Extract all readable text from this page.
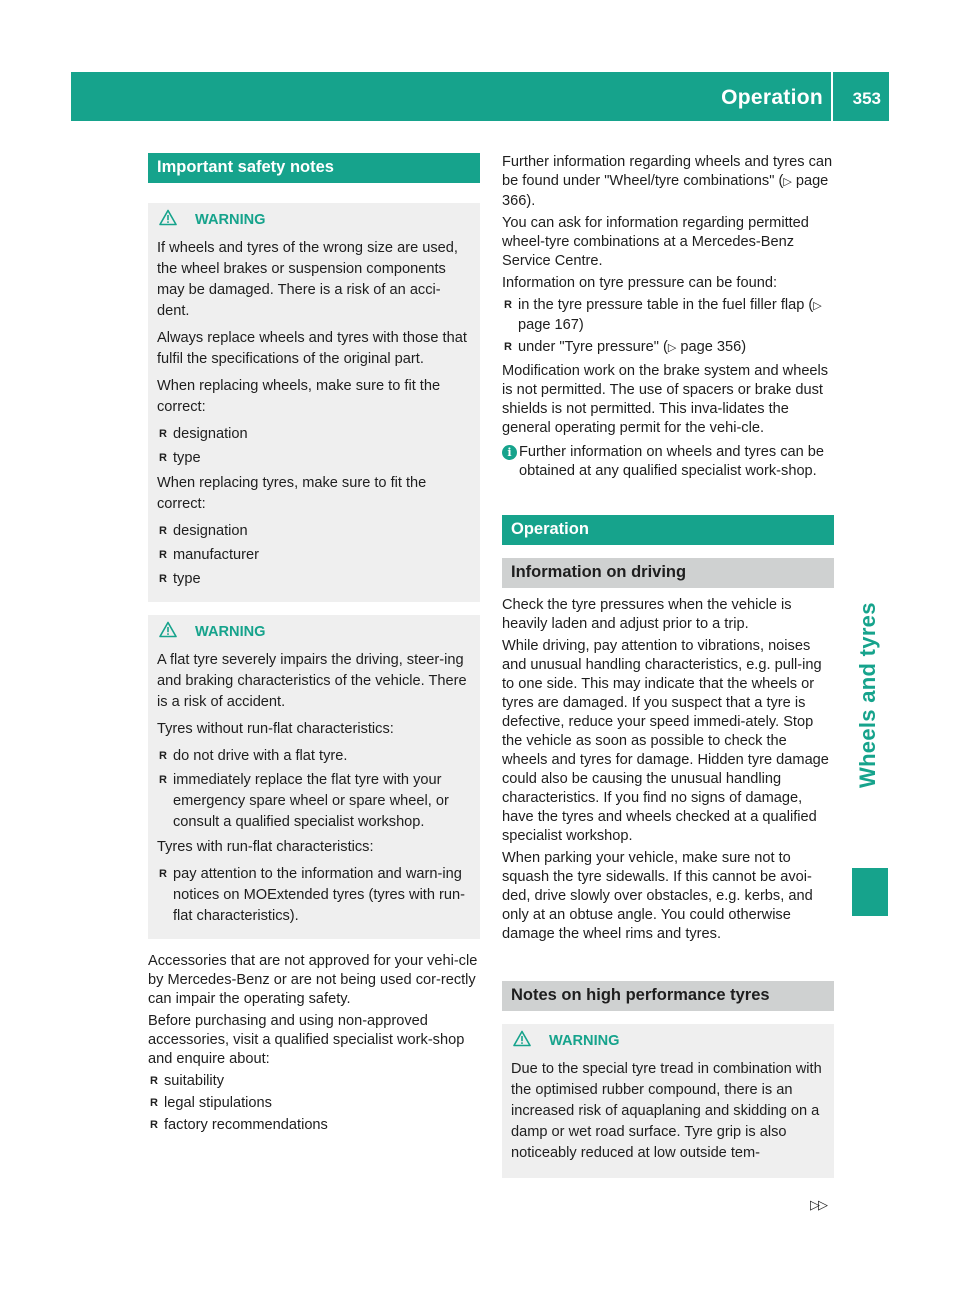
Operation 353
Wheels and tyres
Important safety notes
WARNING

If wheels and tyres of the wrong size are used, the wheel brakes or suspension components may be damaged. There is a risk of an acci-dent.

Always replace wheels and tyres with those that fulfil the specifications of the original part.

When replacing wheels, make sure to fit the correct:

R designation
R type

When replacing tyres, make sure to fit the correct:

R designation
R manufacturer
R type
WARNING

A flat tyre severely impairs the driving, steer-ing and braking characteristics of the vehicle. There is a risk of accident.

Tyres without run-flat characteristics:

R do not drive with a flat tyre.
R immediately replace the flat tyre with your emergency spare wheel or spare wheel, or consult a qualified specialist workshop.

Tyres with run-flat characteristics:

R pay attention to the information and warn-ing notices on MOExtended tyres (tyres with run-flat characteristics).

Accessories that are not approved for your vehi-cle by Mercedes-Benz or are not being used cor-rectly can impair the operating safety.

Before purchasing and using non-approved accessories, visit a qualified specialist work-shop and enquire about:

R suitability
R legal stipulations
R factory recommendations

Further information regarding wheels and tyres can be found under "Wheel/tyre combinations" (▷ page 366).

You can ask for information regarding permitted wheel-tyre combinations at a Mercedes-Benz Service Centre.

Information on tyre pressure can be found:

R in the tyre pressure table in the fuel filler flap (▷ page 167)
R under "Tyre pressure" (▷ page 356)

Modification work on the brake system and wheels is not permitted. The use of spacers or brake dust shields is not permitted. This inva-lidates the general operating permit for the vehi-cle.

i Further information on wheels and tyres can be obtained at any qualified specialist work-shop.
Operation
Information on driving

Check the tyre pressures when the vehicle is heavily laden and adjust prior to a trip.

While driving, pay attention to vibrations, noises and unusual handling characteristics, e.g. pull-ing to one side. This may indicate that the wheels or tyres are damaged. If you suspect that a tyre is defective, reduce your speed immedi-ately. Stop the vehicle as soon as possible to check the wheels and tyres for damage. Hidden tyre damage could also be causing the unusual handling characteristics. If you find no signs of damage, have the tyres and wheels checked at a qualified specialist workshop.

When parking your vehicle, make sure not to squash the tyre sidewalls. If this cannot be avoi-ded, drive slowly over obstacles, e.g. kerbs, and only at an obtuse angle. You could otherwise damage the wheel rims and tyres.

Notes on high performance tyres
WARNING

Due to the special tyre tread in combination with the optimised rubber compound, there is an increased risk of aquaplaning and skidding on a damp or wet road surface. Tyre grip is also noticeably reduced at low outside tem-

▷▷
